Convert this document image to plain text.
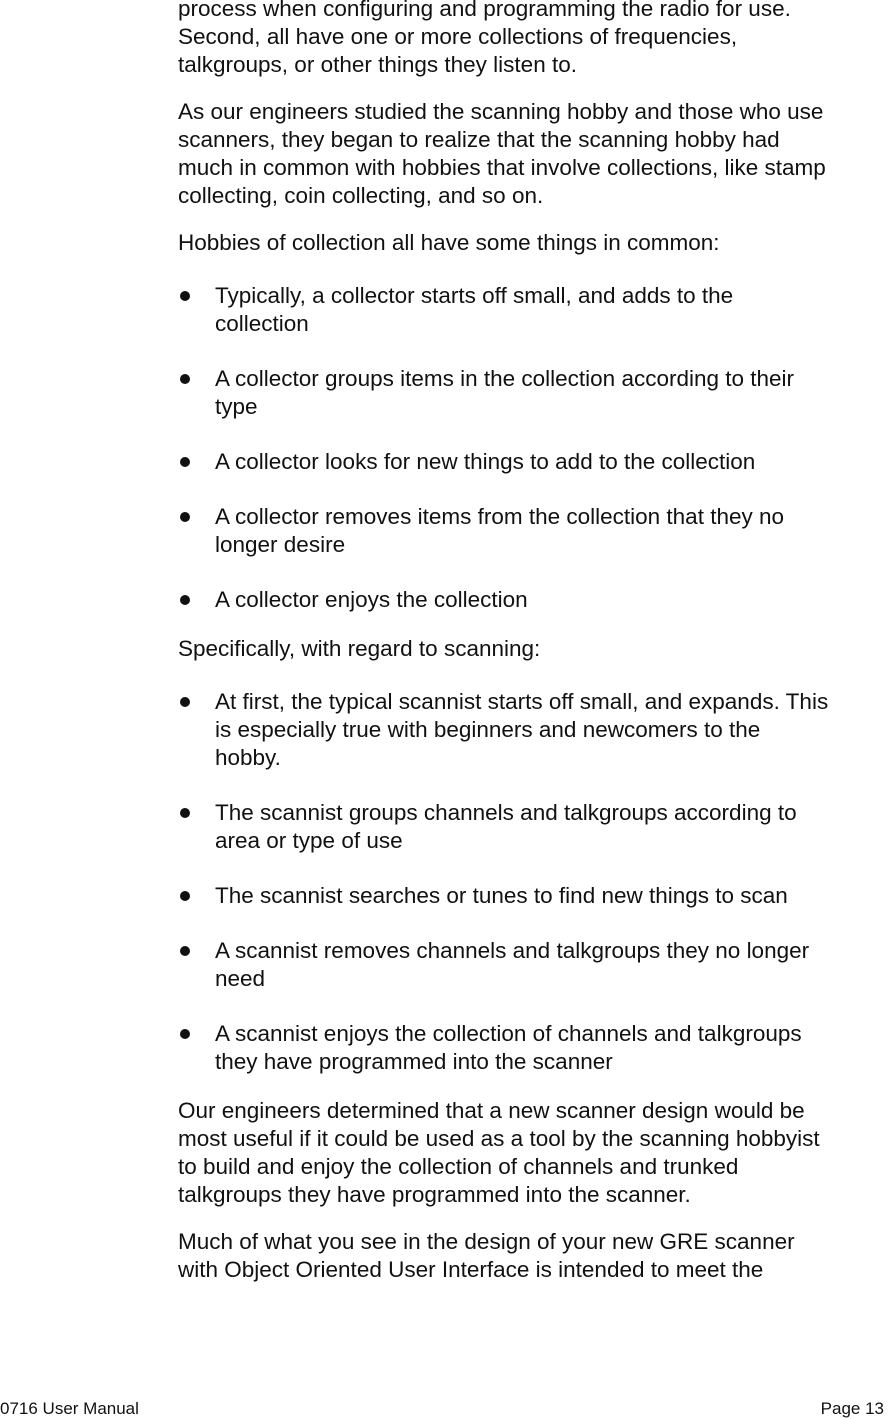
process when configuring and programming the radio for use.
Second, all have one or more collections of frequencies,
talkgroups, or other things they listen to.

As our engineers studied the scanning hobby and those who use
scanners, they began to realize that the scanning hobby had
much in common with hobbies that involve collections, like stamp
collecting, coin collecting, and so on.

Hobbies of collection all have some things in common:

Typically, a collector starts off small, and adds to the
collection
A collector groups items in the collection according to their
type
A collector looks for new things to add to the collection
A collector removes items from the collection that they no
longer desire
A collector enjoys the collection

Specifically, with regard to scanning:

At first, the typical scannist starts off small, and expands. This
is especially true with beginners and newcomers to the
hobby.
The scannist groups channels and talkgroups according to
area or type of use
The scannist searches or tunes to find new things to scan
A scannist removes channels and talkgroups they no longer
need
A scannist enjoys the collection of channels and talkgroups
they have programmed into the scanner

Our engineers determined that a new scanner design would be
most useful if it could be used as a tool by the scanning hobbyist
to build and enjoy the collection of channels and trunked
talkgroups they have programmed into the scanner.

Much of what you see in the design of your new GRE scanner
with Object Oriented User Interface is intended to meet the

0716 User Manual	Page 13
